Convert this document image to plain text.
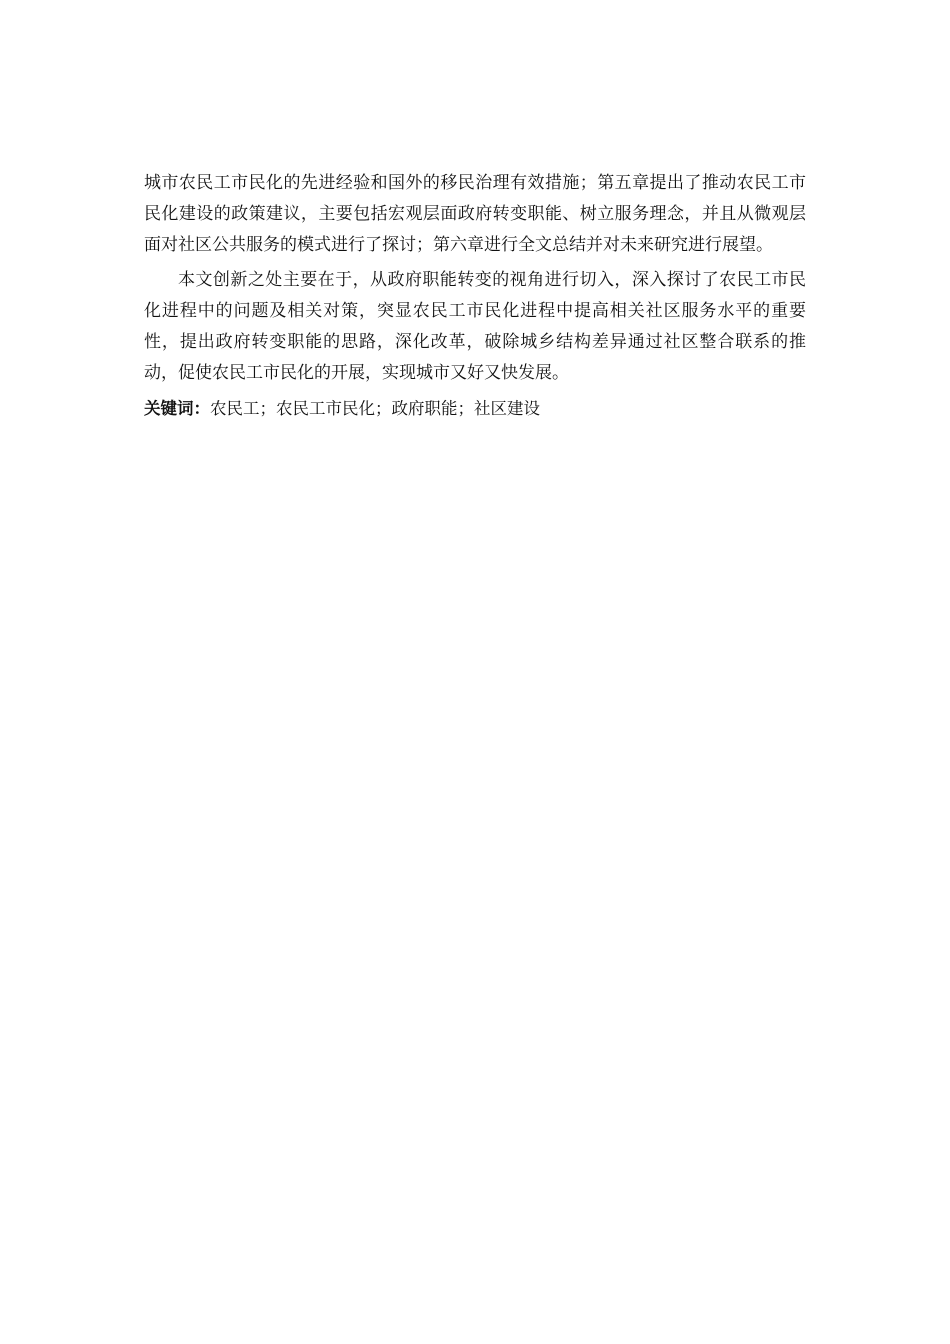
城市农民工市民化的先进经验和国外的移民治理有效措施；第五章提出了推动农民工市民化建设的政策建议，主要包括宏观层面政府转变职能、树立服务理念，并且从微观层面对社区公共服务的模式进行了探讨；第六章进行全文总结并对未来研究进行展望。

本文创新之处主要在于，从政府职能转变的视角进行切入，深入探讨了农民工市民化进程中的问题及相关对策，突显农民工市民化进程中提高相关社区服务水平的重要性，提出政府转变职能的思路，深化改革，破除城乡结构差异通过社区整合联系的推动，促使农民工市民化的开展，实现城市又好又快发展。

关键词：农民工；农民工市民化；政府职能；社区建设
